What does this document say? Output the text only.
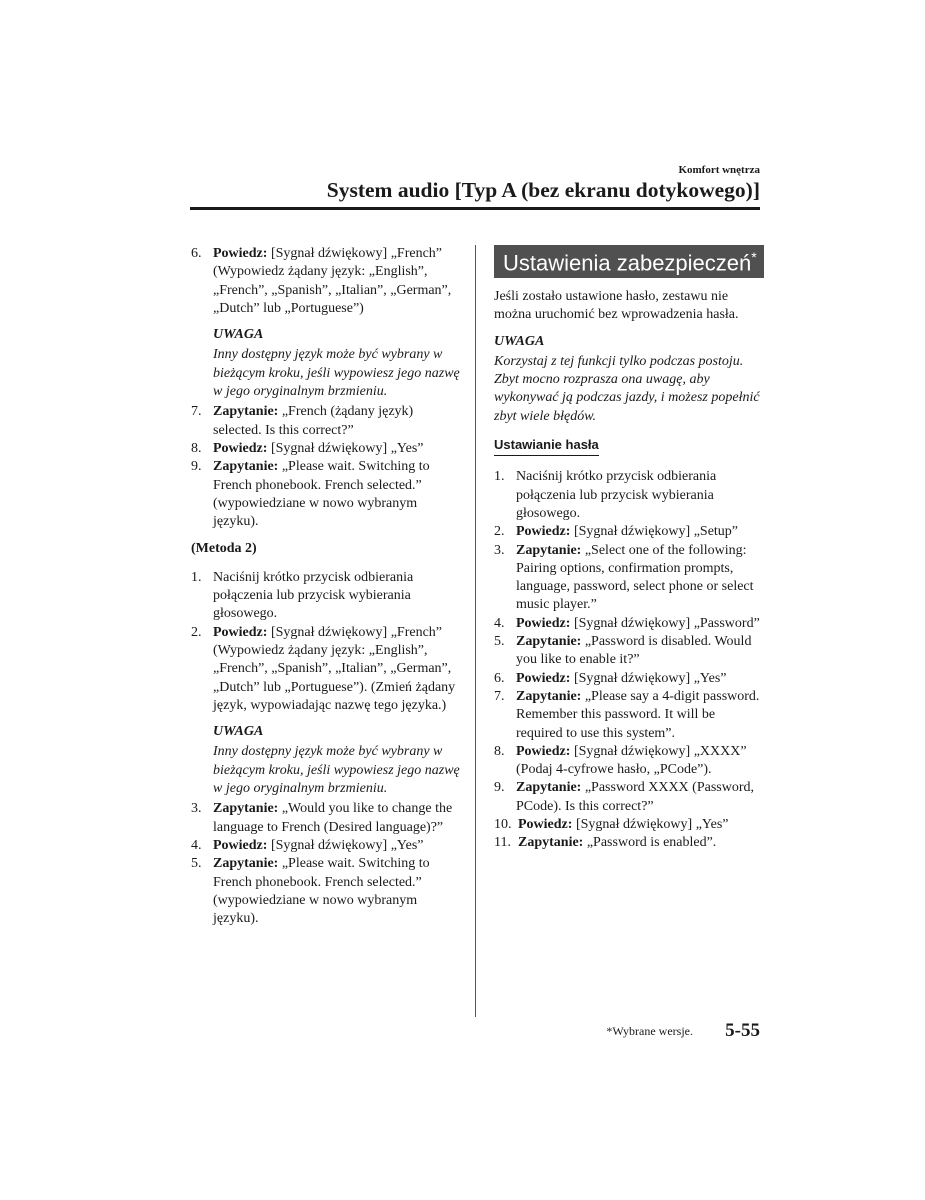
Komfort wnętrza
System audio [Typ A (bez ekranu dotykowego)]
6. Powiedz: [Sygnał dźwiękowy] „French” (Wypowiedz żądany język: „English”, „French”, „Spanish”, „Italian”, „German”, „Dutch” lub „Portuguese”)
UWAGA
Inny dostępny język może być wybrany w bieżącym kroku, jeśli wypowiesz jego nazwę w jego oryginalnym brzmieniu.
7. Zapytanie: „French (żądany język) selected. Is this correct?”
8. Powiedz: [Sygnał dźwiękowy] „Yes”
9. Zapytanie: „Please wait. Switching to French phonebook. French selected.” (wypowiedziane w nowo wybranym języku).
(Metoda 2)
1. Naciśnij krótko przycisk odbierania połączenia lub przycisk wybierania głosowego.
2. Powiedz: [Sygnał dźwiękowy] „French” (Wypowiedz żądany język: „English”, „French”, „Spanish”, „Italian”, „German”, „Dutch” lub „Portuguese”). (Zmień żądany język, wypowiadając nazwę tego języka.)
UWAGA
Inny dostępny język może być wybrany w bieżącym kroku, jeśli wypowiesz jego nazwę w jego oryginalnym brzmieniu.
3. Zapytanie: „Would you like to change the language to French (Desired language)?”
4. Powiedz: [Sygnał dźwiękowy] „Yes”
5. Zapytanie: „Please wait. Switching to French phonebook. French selected.” (wypowiedziane w nowo wybranym języku).
Ustawienia zabezpieczeń*
Jeśli zostało ustawione hasło, zestawu nie można uruchomić bez wprowadzenia hasła.
UWAGA
Korzystaj z tej funkcji tylko podczas postoju. Zbyt mocno rozprasza ona uwagę, aby wykonywać ją podczas jazdy, i możesz popełnić zbyt wiele błędów.
Ustawianie hasła
1. Naciśnij krótko przycisk odbierania połączenia lub przycisk wybierania głosowego.
2. Powiedz: [Sygnał dźwiękowy] „Setup”
3. Zapytanie: „Select one of the following: Pairing options, confirmation prompts, language, password, select phone or select music player.”
4. Powiedz: [Sygnał dźwiękowy] „Password”
5. Zapytanie: „Password is disabled. Would you like to enable it?”
6. Powiedz: [Sygnał dźwiękowy] „Yes”
7. Zapytanie: „Please say a 4-digit password. Remember this password. It will be required to use this system”.
8. Powiedz: [Sygnał dźwiękowy] „XXXX” (Podaj 4-cyfrowe hasło, „PCode”).
9. Zapytanie: „Password XXXX (Password, PCode). Is this correct?”
10. Powiedz: [Sygnał dźwiękowy] „Yes”
11. Zapytanie: „Password is enabled”.
*Wybrane wersje. 5-55
